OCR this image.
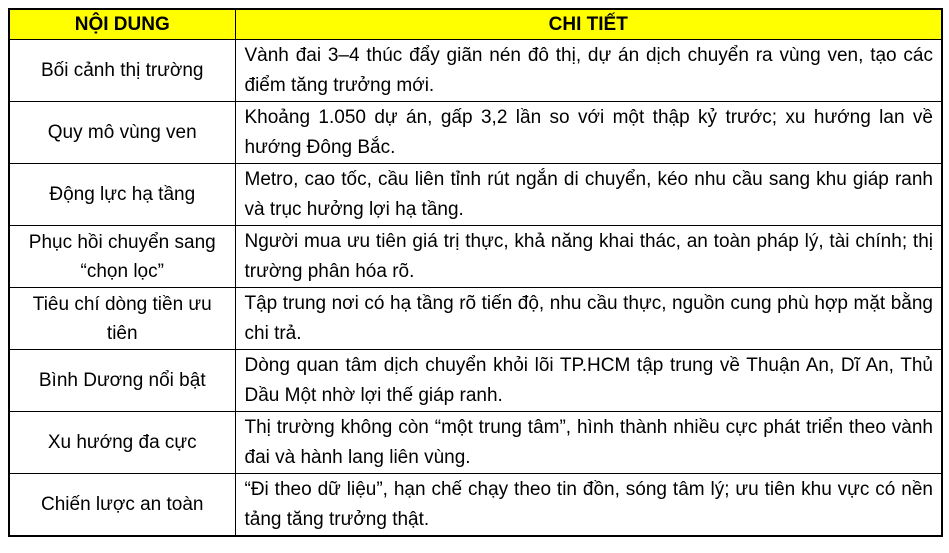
NỘI DUNG	CHI TIẾT
Bối cảnh thị trường	Vành đai 3–4 thúc đẩy giãn nén đô thị, dự án dịch chuyển ra vùng ven, tạo các điểm tăng trưởng mới.
Quy mô vùng ven	Khoảng 1.050 dự án, gấp 3,2 lần so với một thập kỷ trước; xu hướng lan về hướng Đông Bắc.
Động lực hạ tầng	Metro, cao tốc, cầu liên tỉnh rút ngắn di chuyển, kéo nhu cầu sang khu giáp ranh và trục hưởng lợi hạ tầng.
Phục hồi chuyển sang “chọn lọc”	Người mua ưu tiên giá trị thực, khả năng khai thác, an toàn pháp lý, tài chính; thị trường phân hóa rõ.
Tiêu chí dòng tiền ưu tiên	Tập trung nơi có hạ tầng rõ tiến độ, nhu cầu thực, nguồn cung phù hợp mặt bằng chi trả.
Bình Dương nổi bật	Dòng quan tâm dịch chuyển khỏi lõi TP.HCM tập trung về Thuận An, Dĩ An, Thủ Dầu Một nhờ lợi thế giáp ranh.
Xu hướng đa cực	Thị trường không còn “một trung tâm”, hình thành nhiều cực phát triển theo vành đai và hành lang liên vùng.
Chiến lược an toàn	“Đi theo dữ liệu”, hạn chế chạy theo tin đồn, sóng tâm lý; ưu tiên khu vực có nền tảng tăng trưởng thật.
